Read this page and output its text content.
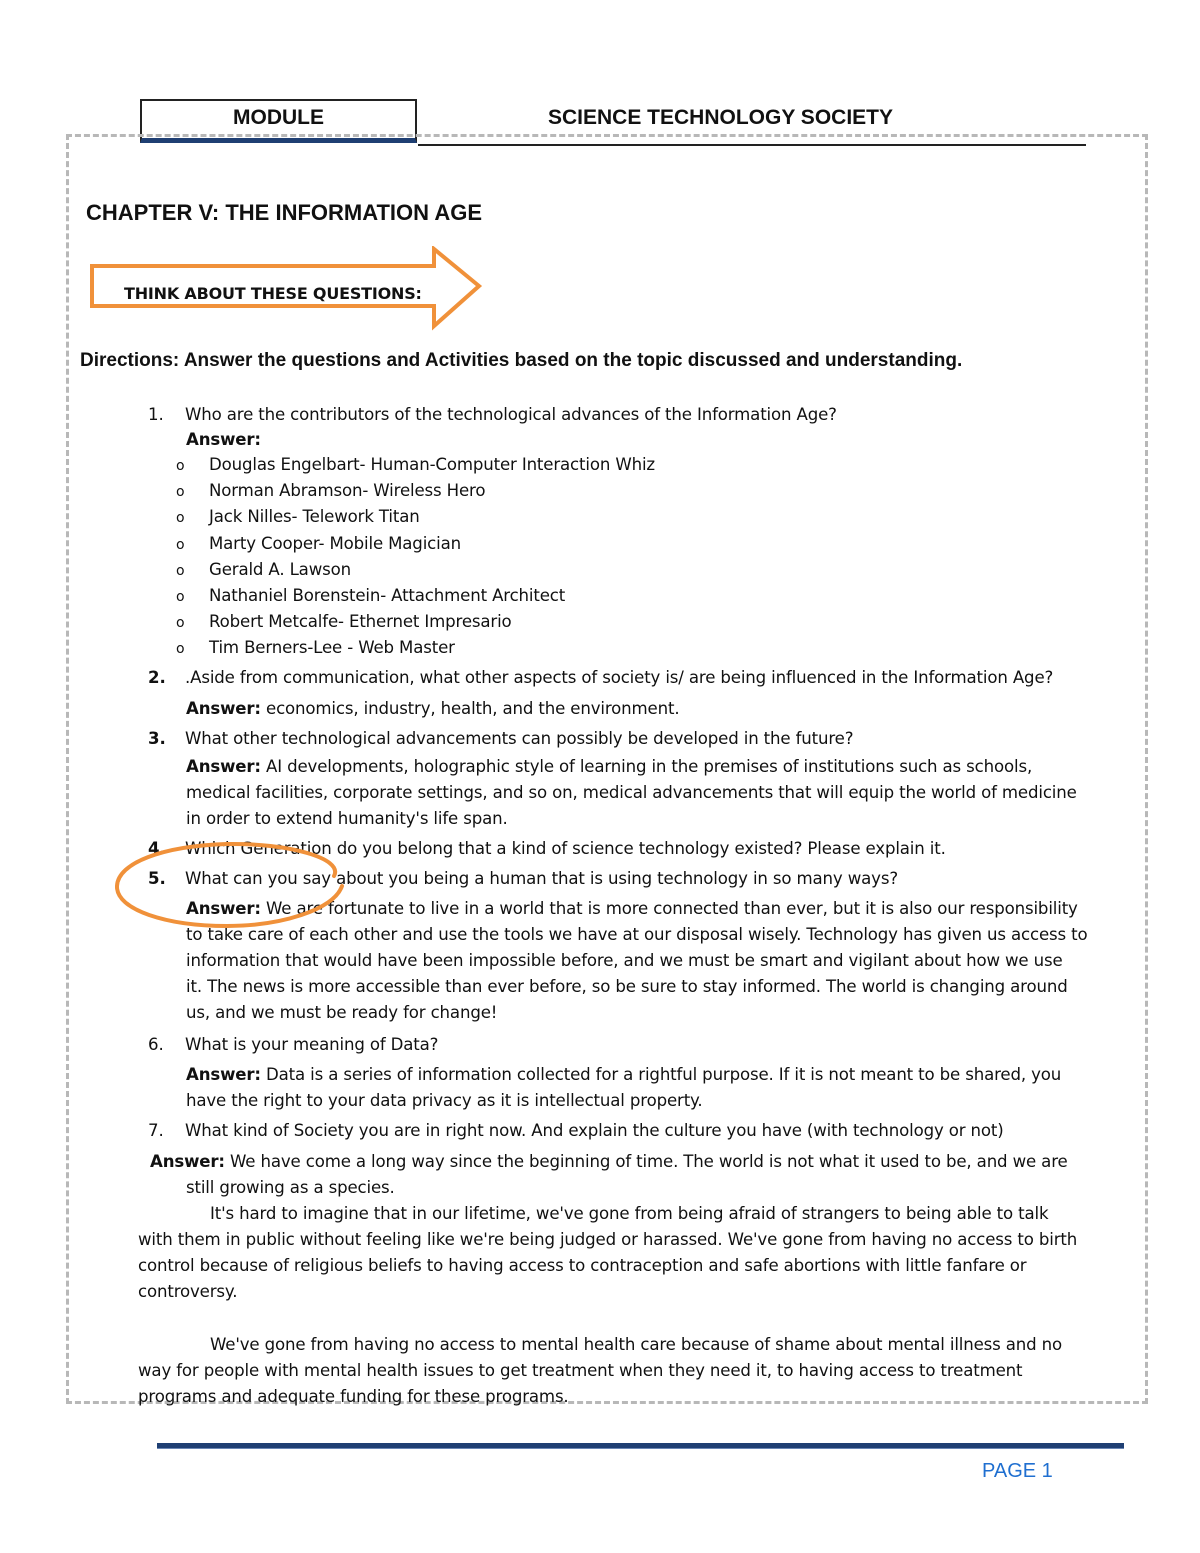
MODULE	SCIENCE TECHNOLOGY SOCIETY
CHAPTER V: THE INFORMATION AGE
THINK ABOUT THESE QUESTIONS:
Directions: Answer the questions and Activities based on the topic discussed and understanding.
1. Who are the contributors of the technological advances of the Information Age?
Answer:
o Douglas Engelbart- Human-Computer Interaction Whiz
o Norman Abramson- Wireless Hero
o Jack Nilles- Telework Titan
o Marty Cooper- Mobile Magician
o Gerald A. Lawson
o Nathaniel Borenstein- Attachment Architect
o Robert Metcalfe- Ethernet Impresario
o Tim Berners-Lee - Web Master
2. .Aside from communication, what other aspects of society is/ are being influenced in the Information Age?
Answer: economics, industry, health, and the environment.
3. What other technological advancements can possibly be developed in the future?
Answer: AI developments, holographic style of learning in the premises of institutions such as schools,
medical facilities, corporate settings, and so on, medical advancements that will equip the world of medicine
in order to extend humanity's life span.
4. Which Generation do you belong that a kind of science technology existed? Please explain it.
5. What can you say about you being a human that is using technology in so many ways?
Answer: We are fortunate to live in a world that is more connected than ever, but it is also our responsibility
to take care of each other and use the tools we have at our disposal wisely. Technology has given us access to
information that would have been impossible before, and we must be smart and vigilant about how we use
it. The news is more accessible than ever before, so be sure to stay informed. The world is changing around
us, and we must be ready for change!
6. What is your meaning of Data?
Answer: Data is a series of information collected for a rightful purpose. If it is not meant to be shared, you
have the right to your data privacy as it is intellectual property.
7. What kind of Society you are in right now. And explain the culture you have (with technology or not)
Answer: We have come a long way since the beginning of time. The world is not what it used to be, and we are
still growing as a species.
It's hard to imagine that in our lifetime, we've gone from being afraid of strangers to being able to talk
with them in public without feeling like we're being judged or harassed. We've gone from having no access to birth
control because of religious beliefs to having access to contraception and safe abortions with little fanfare or
controversy.
We've gone from having no access to mental health care because of shame about mental illness and no
way for people with mental health issues to get treatment when they need it, to having access to treatment
programs and adequate funding for these programs.
PAGE 1
